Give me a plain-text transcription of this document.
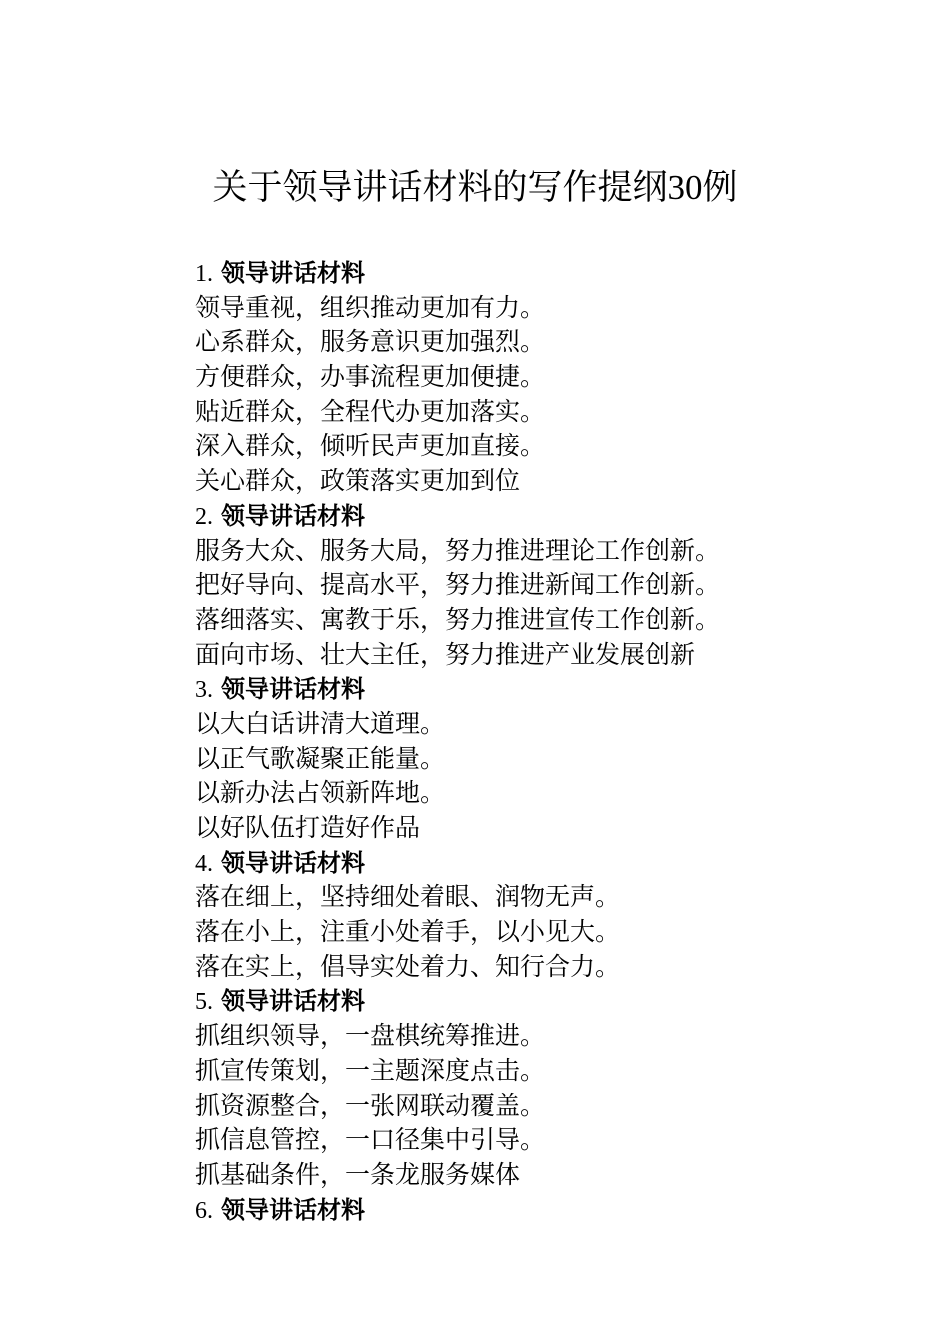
关于领导讲话材料的写作提纲30例
1. 领导讲话材料
领导重视，组织推动更加有力。
心系群众，服务意识更加强烈。
方便群众，办事流程更加便捷。
贴近群众，全程代办更加落实。
深入群众，倾听民声更加直接。
关心群众，政策落实更加到位
2. 领导讲话材料
服务大众、服务大局，努力推进理论工作创新。
把好导向、提高水平，努力推进新闻工作创新。
落细落实、寓教于乐，努力推进宣传工作创新。
面向市场、壮大主任，努力推进产业发展创新
3. 领导讲话材料
以大白话讲清大道理。
以正气歌凝聚正能量。
以新办法占领新阵地。
以好队伍打造好作品
4. 领导讲话材料
落在细上，坚持细处着眼、润物无声。
落在小上，注重小处着手，以小见大。
落在实上，倡导实处着力、知行合力。
5. 领导讲话材料
抓组织领导，一盘棋统筹推进。
抓宣传策划，一主题深度点击。
抓资源整合，一张网联动覆盖。
抓信息管控，一口径集中引导。
抓基础条件，一条龙服务媒体
6. 领导讲话材料
